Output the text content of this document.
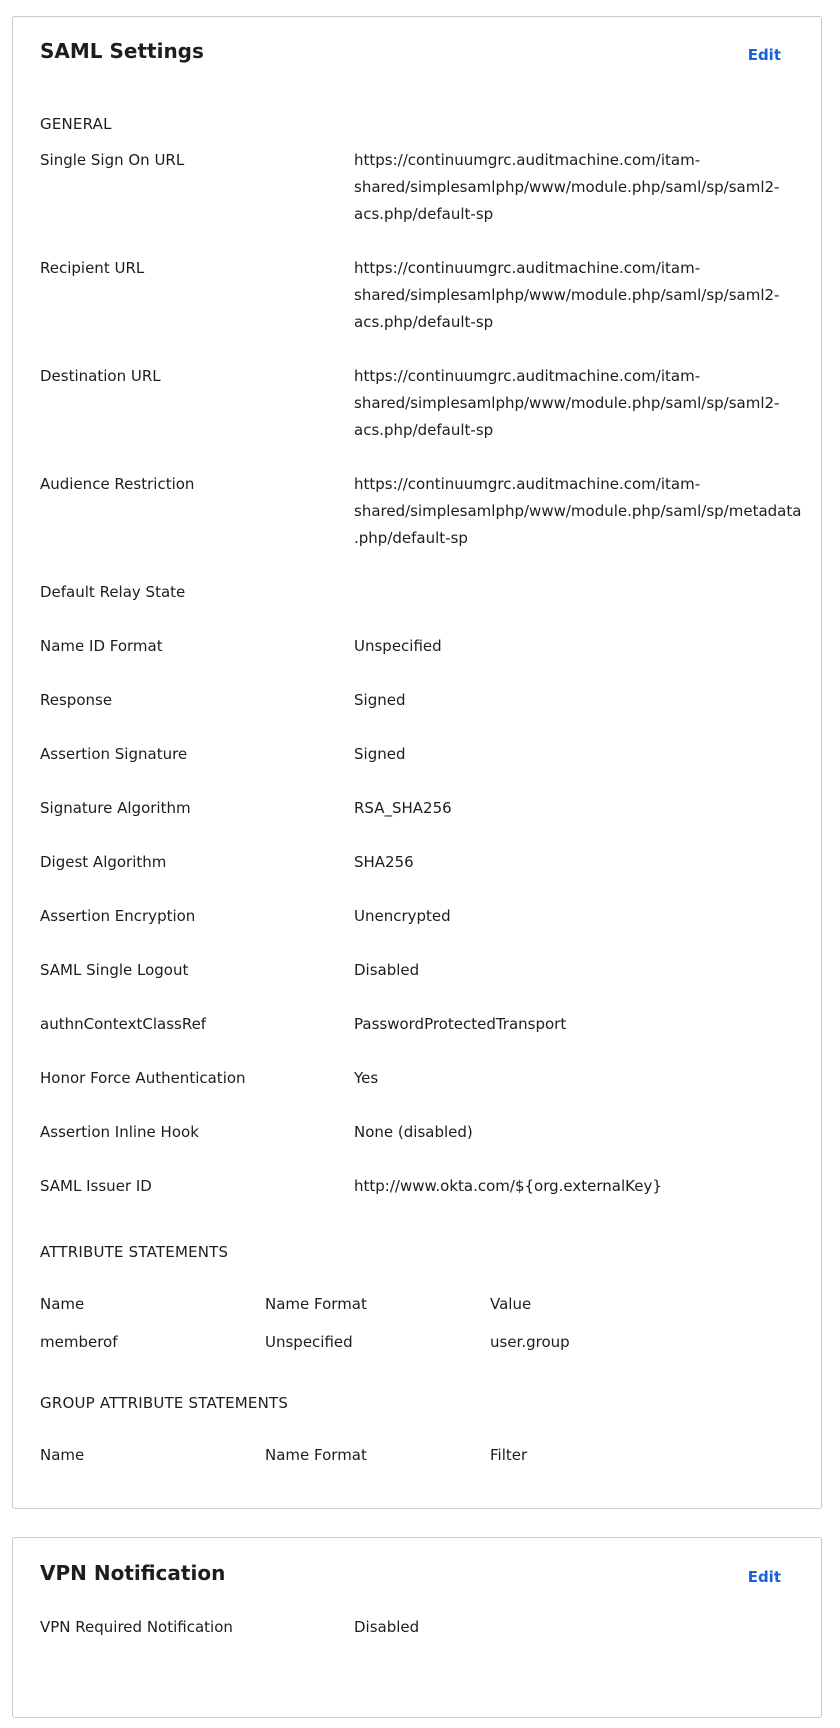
SAML Settings	Edit
GENERAL
Single Sign On URL	https://continuumgrc.auditmachine.com/itam-
shared/simplesamlphp/www/module.php/saml/sp/saml2-
acs.php/default-sp
Recipient URL	https://continuumgrc.auditmachine.com/itam-
shared/simplesamlphp/www/module.php/saml/sp/saml2-
acs.php/default-sp
Destination URL	https://continuumgrc.auditmachine.com/itam-
shared/simplesamlphp/www/module.php/saml/sp/saml2-
acs.php/default-sp
Audience Restriction	https://continuumgrc.auditmachine.com/itam-
shared/simplesamlphp/www/module.php/saml/sp/metadata
.php/default-sp
Default Relay State
Name ID Format	Unspecified
Response	Signed
Assertion Signature	Signed
Signature Algorithm	RSA_SHA256
Digest Algorithm	SHA256
Assertion Encryption	Unencrypted
SAML Single Logout	Disabled
authnContextClassRef	PasswordProtectedTransport
Honor Force Authentication	Yes
Assertion Inline Hook	None (disabled)
SAML Issuer ID	http://www.okta.com/${org.externalKey}
ATTRIBUTE STATEMENTS
Name	Name Format	Value
memberof	Unspecified	user.group
GROUP ATTRIBUTE STATEMENTS
Name	Name Format	Filter
VPN Notification	Edit
VPN Required Notification	Disabled
